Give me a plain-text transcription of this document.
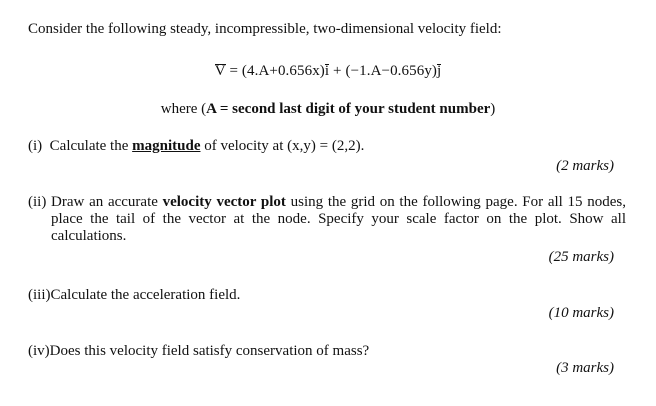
Consider the following steady, incompressible, two-dimensional velocity field:
V = (4.A+0.656x)i + (−1.A−0.656y)j
where (A = second last digit of your student number)
(i) Calculate the magnitude of velocity at (x,y) = (2,2).
(2 marks)
(ii) Draw an accurate velocity vector plot using the grid on the following page. For all 15 nodes, place the tail of the vector at the node. Specify your scale factor on the plot. Show all calculations.
(25 marks)
(iii)Calculate the acceleration field.
(10 marks)
(iv)Does this velocity field satisfy conservation of mass?
(3 marks)
